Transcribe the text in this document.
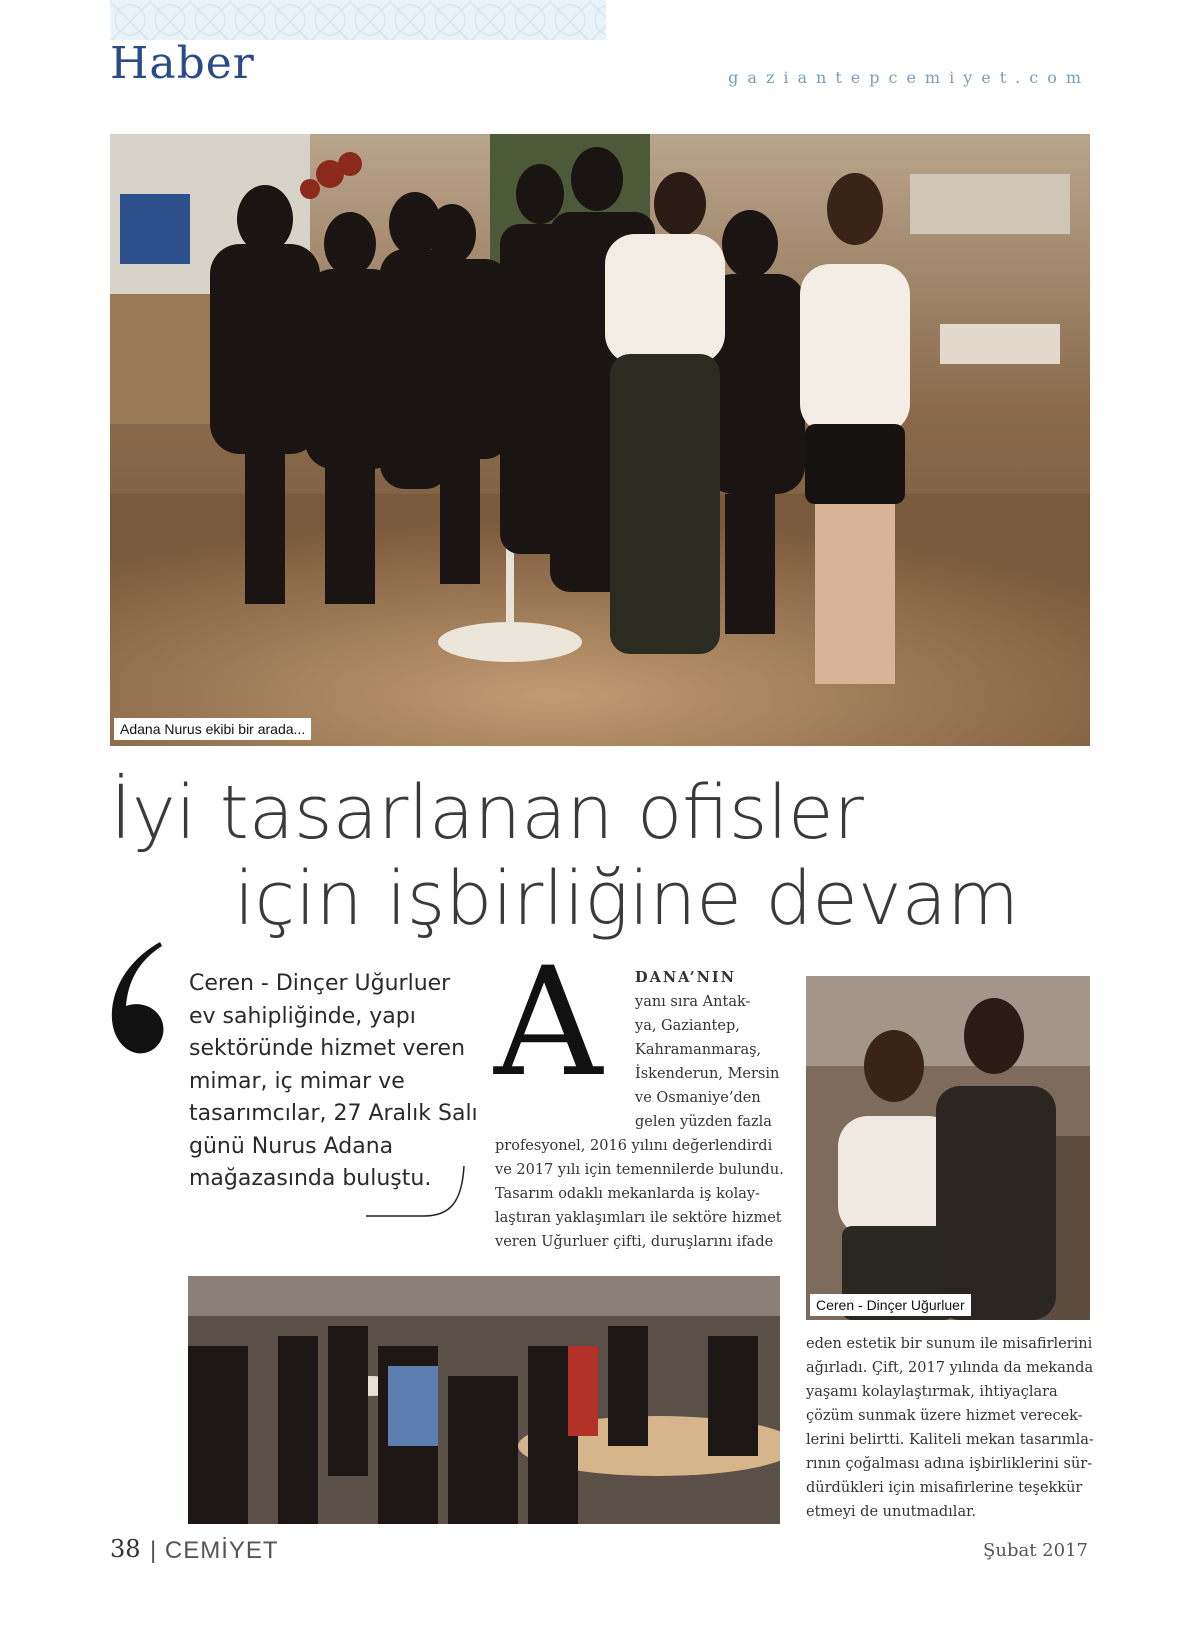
Haber	gaziantepcemiyet.com
Adana Nurus ekibi bir arada...
İyi tasarlanan ofisler
için işbirliğine devam
Ceren - Dinçer Uğurluer ev sahipliğinde, yapı sektöründe hizmet veren mimar, iç mimar ve tasarımcılar, 27 Aralık Salı günü Nurus Adana mağazasında buluştu.
A	DANA’NIN
yanı sıra Antak-
ya, Gaziantep,
Kahramanmaraş,
İskenderun, Mersin
ve Osmaniye’den
gelen yüzden fazla
profesyonel, 2016 yılını değerlendirdi
ve 2017 yılı için temennilerde bulundu.
Tasarım odaklı mekanlarda iş kolay-
laştıran yaklaşımları ile sektöre hizmet
veren Uğurluer çifti, duruşlarını ifade
Ceren - Dinçer Uğurluer
eden estetik bir sunum ile misafirlerini
ağırladı. Çift, 2017 yılında da mekanda
yaşamı kolaylaştırmak, ihtiyaçlara
çözüm sunmak üzere hizmet verecek-
lerini belirtti. Kaliteli mekan tasarımla-
rının çoğalması adına işbirliklerini sür-
dürdükleri için misafirlerine teşekkür
etmeyi de unutmadılar.
38 | CEMİYET	Şubat 2017
